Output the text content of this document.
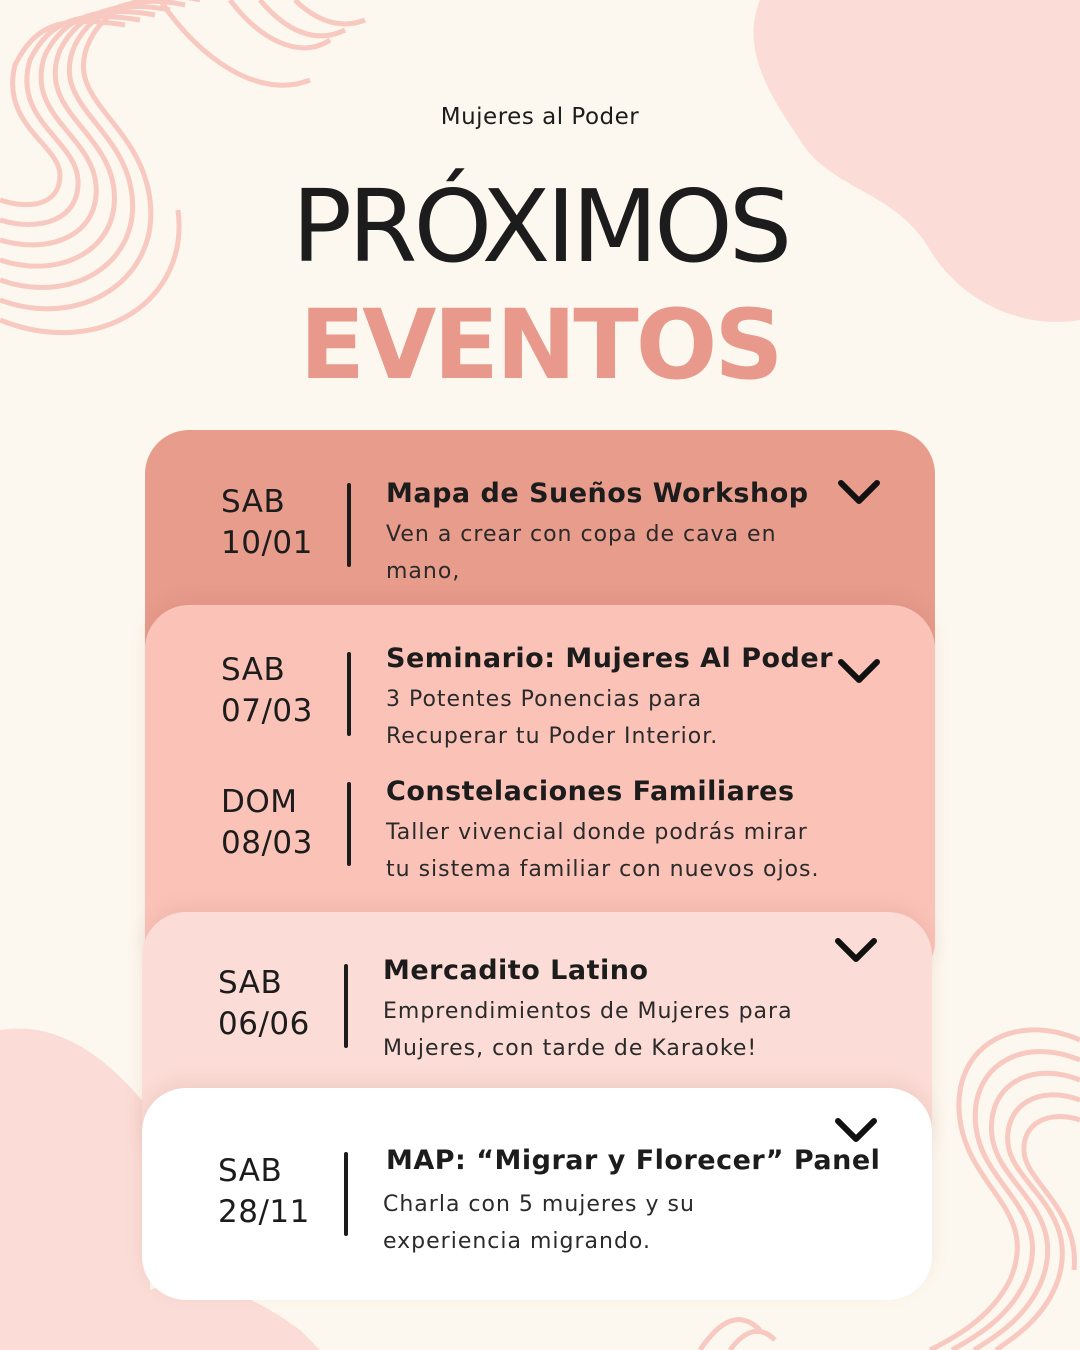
Mujeres al Poder
PRÓXIMOS
EVENTOS
SAB
10/01
Mapa de Sueños Workshop
Ven a crear con copa de cava en
mano,
SAB
07/03
Seminario: Mujeres Al Poder
3 Potentes Ponencias para
Recuperar tu Poder Interior.
DOM
08/03
Constelaciones Familiares
Taller vivencial donde podrás mirar
tu sistema familiar con nuevos ojos.
SAB
06/06
Mercadito Latino
Emprendimientos de Mujeres para
Mujeres, con tarde de Karaoke!
SAB
28/11
MAP: “Migrar y Florecer” Panel
Charla con 5 mujeres y su
experiencia migrando.
